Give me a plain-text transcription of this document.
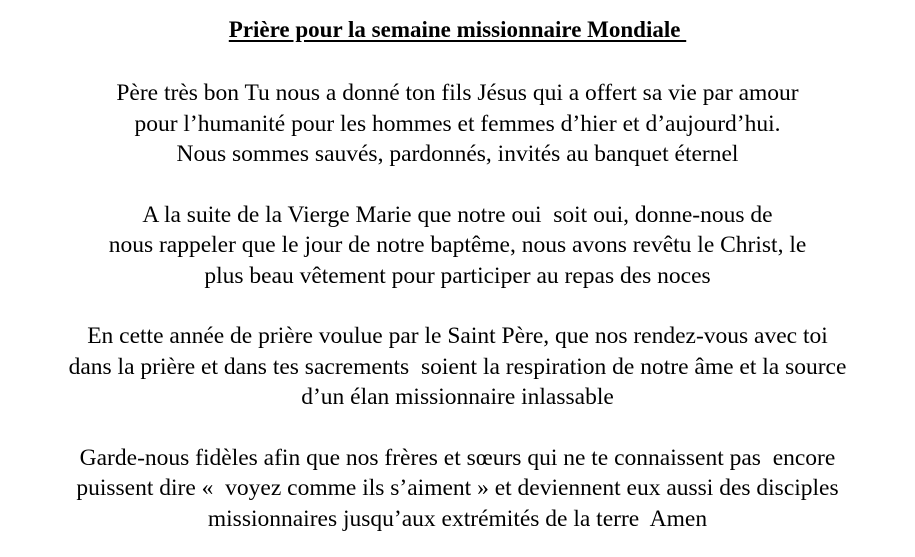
Prière pour la semaine missionnaire Mondiale

Père très bon Tu nous a donné ton fils Jésus qui a offert sa vie par amour
pour l’humanité pour les hommes et femmes d’hier et d’aujourd’hui.
Nous sommes sauvés, pardonnés, invités au banquet éternel

A la suite de la Vierge Marie que notre oui  soit oui, donne-nous de
nous rappeler que le jour de notre baptême, nous avons revêtu le Christ, le
plus beau vêtement pour participer au repas des noces

En cette année de prière voulue par le Saint Père, que nos rendez-vous avec toi
dans la prière et dans tes sacrements  soient la respiration de notre âme et la source
d’un élan missionnaire inlassable

Garde-nous fidèles afin que nos frères et sœurs qui ne te connaissent pas  encore
puissent dire «  voyez comme ils s’aiment » et deviennent eux aussi des disciples
missionnaires jusqu’aux extrémités de la terre  Amen
